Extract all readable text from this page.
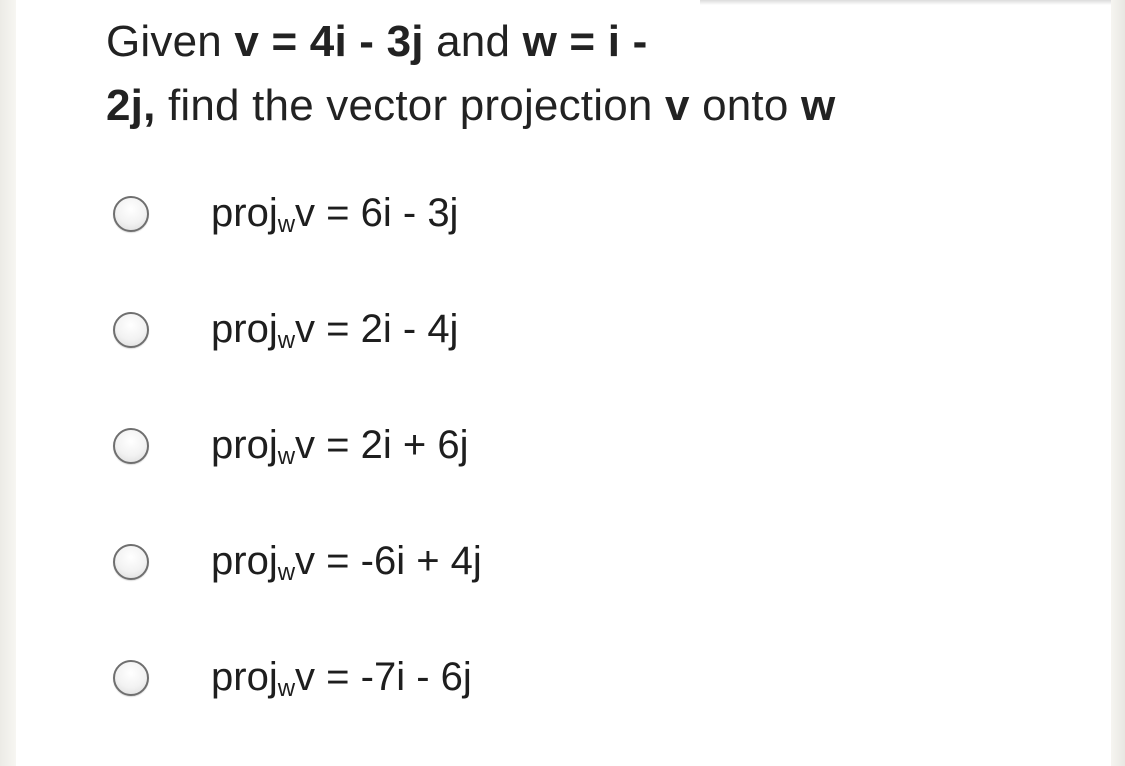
Given v = 4i - 3j and w = i -
2j, find the vector projection v onto w
proj$_w$v = 6i - 3j
proj$_w$v = 2i - 4j
proj$_w$v = 2i + 6j
proj$_w$v = -6i + 4j
proj$_w$v = -7i - 6j
